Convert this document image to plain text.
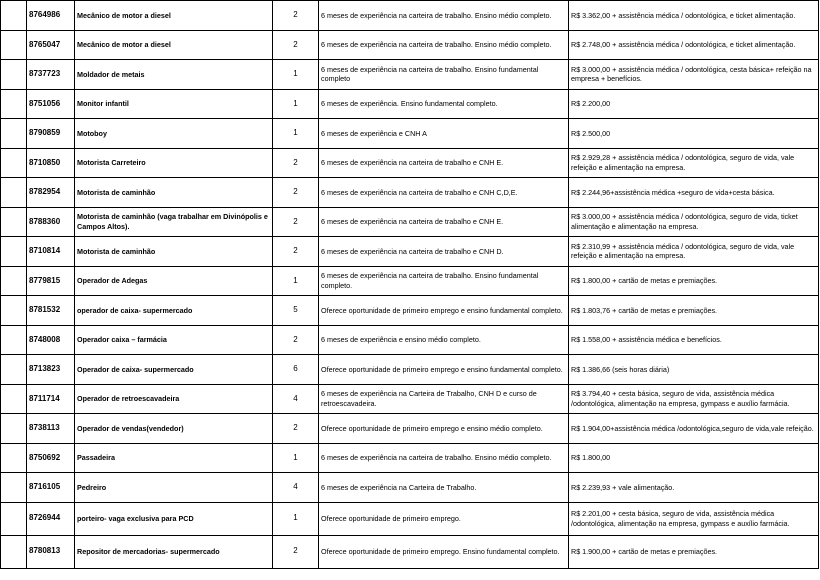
	8764986	Mecânico de motor a diesel	2	6 meses de experiência na carteira de trabalho. Ensino médio completo.	R$ 3.362,00 + assistência médica / odontológica, e ticket alimentação.
	8765047	Mecânico de motor a diesel	2	6 meses de experiência na carteira de trabalho. Ensino médio completo.	R$ 2.748,00 + assistência médica / odontológica, e ticket alimentação.
	8737723	Moldador de metais	1	6 meses de experiência na carteira de trabalho. Ensino fundamental completo	R$ 3.000,00 + assistência médica / odontológica, cesta básica+ refeição na empresa + benefícios.
	8751056	Monitor infantil	1	6 meses de experiência. Ensino fundamental completo.	R$ 2.200,00
	8790859	Motoboy	1	6 meses de experiência e CNH A	R$ 2.500,00
	8710850	Motorista Carreteiro	2	6 meses de experiência na carteira de trabalho e CNH E.	R$ 2.929,28 + assistência médica / odontológica, seguro de vida, vale refeição e alimentação na empresa.
	8782954	Motorista de caminhão	2	6 meses de experiência na carteira de trabalho e CNH C,D,E.	R$ 2.244,96+assistência médica +seguro de vida+cesta básica.
	8788360	Motorista de caminhão (vaga trabalhar em Divinópolis e Campos Altos).	2	6 meses de experiência na carteira de trabalho e CNH E.	R$ 3.000,00 + assistência médica / odontológica, seguro de vida, ticket alimentação e alimentação na empresa.
	8710814	Motorista de caminhão	2	6 meses de experiência na carteira de trabalho e CNH D.	R$ 2.310,99 + assistência médica / odontológica, seguro de vida, vale refeição e alimentação na empresa.
	8779815	Operador de Adegas	1	6 meses de experiência na carteira de trabalho. Ensino fundamental completo.	R$ 1.800,00 + cartão de metas e premiações.
	8781532	operador de caixa- supermercado	5	Oferece oportunidade de primeiro emprego e ensino fundamental completo.	R$ 1.803,76 + cartão de metas e premiações.
	8748008	Operador caixa – farmácia	2	6 meses de experiência e ensino médio completo.	R$ 1.558,00 + assistência médica e benefícios.
	8713823	Operador de caixa- supermercado	6	Oferece oportunidade de primeiro emprego e ensino fundamental completo.	R$ 1.386,66 (seis horas diária)
	8711714	Operador de retroescavadeira	4	6 meses de experiência na Carteira de Trabalho, CNH D e curso de retroescavadeira.	R$ 3.794,40 + cesta básica, seguro de vida, assistência médica /odontológica, alimentação na empresa, gympass e auxílio farmácia.
	8738113	Operador de vendas(vendedor)	2	Oferece oportunidade de primeiro emprego e ensino médio completo.	R$ 1.904,00+assistência médica /odontológica,seguro de vida,vale refeição.
	8750692	Passadeira	1	6 meses de experiência na carteira de trabalho. Ensino médio completo.	R$ 1.800,00
	8716105	Pedreiro	4	6 meses de experiência na Carteira de Trabalho.	R$ 2.239,93 + vale alimentação.
	8726944	porteiro- vaga exclusiva para PCD	1	Oferece oportunidade de primeiro emprego.	R$ 2.201,00 + cesta básica, seguro de vida, assistência médica /odontológica, alimentação na empresa, gympass e auxílio farmácia.
	8780813	Repositor de mercadorias- supermercado	2	Oferece oportunidade de primeiro emprego. Ensino fundamental completo.	R$ 1.900,00 + cartão de metas e premiações.
